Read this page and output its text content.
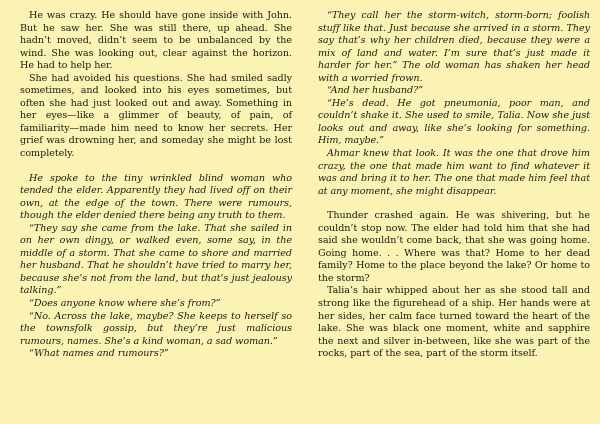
He was crazy. He should have gone inside with John. But he saw her. She was still there, up ahead. She hadn’t moved, didn’t seem to be unbalanced by the wind. She was looking out, clear against the horizon. He had to help her.

She had avoided his questions. She had smiled sadly sometimes, and looked into his eyes sometimes, but often she had just looked out and away. Something in her eyes—like a glimmer of beauty, of pain, of familiarity—made him need to know her secrets. Her grief was drowning her, and someday she might be lost completely.

He spoke to the tiny wrinkled blind woman who tended the elder. Apparently they had lived off on their own, at the edge of the town. There were rumours, though the elder denied there being any truth to them.

“They say she came from the lake. That she sailed in on her own dingy, or walked even, some say, in the middle of a storm. That she came to shore and married her husband. That he shouldn’t have tried to marry her, because she’s not from the land, but that’s just jealousy talking.”

“Does anyone know where she’s from?”

“No. Across the lake, maybe? She keeps to herself so the townsfolk gossip, but they’re just malicious rumours, names. She’s a kind woman, a sad woman.”

“What names and rumours?”

“They call her the storm-witch, storm-born; foolish stuff like that. Just because she arrived in a storm. They say that’s why her children died, because they were a mix of land and water. I’m sure that’s just made it harder for her.” The old woman has shaken her head with a worried frown.

“And her husband?”

“He’s dead. He got pneumonia, poor man, and couldn’t shake it. She used to smile, Talia. Now she just looks out and away, like she’s looking for something. Him, maybe.”

Ahmar knew that look. It was the one that drove him crazy, the one that made him want to find whatever it was and bring it to her. The one that made him feel that at any moment, she might disappear.

Thunder crashed again. He was shivering, but he couldn’t stop now. The elder had told him that she had said she wouldn’t come back, that she was going home. Going home. . . Where was that? Home to her dead family? Home to the place beyond the lake? Or home to the storm?

Talia’s hair whipped about her as she stood tall and strong like the figurehead of a ship. Her hands were at her sides, her calm face turned toward the heart of the lake. She was black one moment, white and sapphire the next and silver in-between, like she was part of the rocks, part of the sea, part of the storm itself.
